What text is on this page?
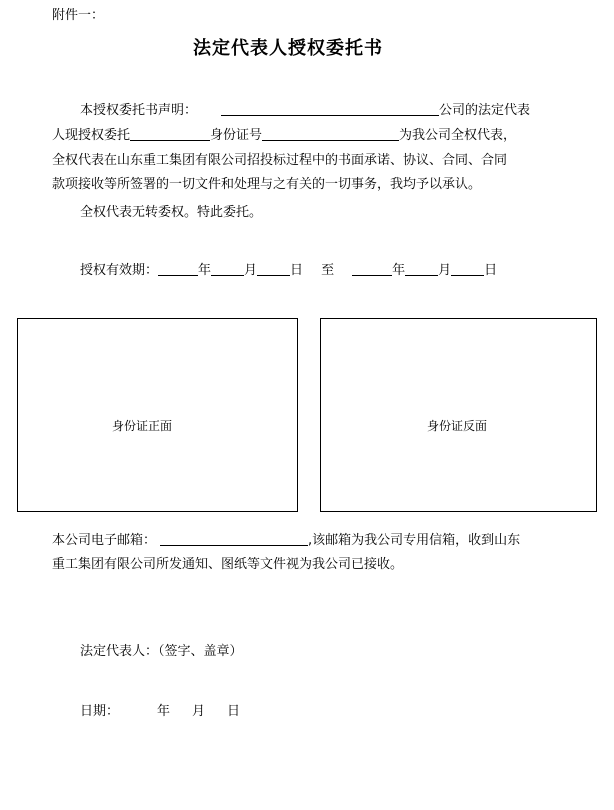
附件一：
法定代表人授权委托书
本授权委托书声明：	公司的法定代表
人现授权委托	身份证号	为我公司全权代表，
全权代表在山东重工集团有限公司招投标过程中的书面承诺、协议、合同、合同
款项接收等所签署的一切文件和处理与之有关的一切事务，我均予以承认。
全权代表无转委权。特此委托。
授权有效期：	年	月	日 至	年	月	日
身份证正面	身份证反面
本公司电子邮箱：	,该邮箱为我公司专用信箱，收到山东
重工集团有限公司所发通知、图纸等文件视为我公司已接收。
法定代表人：（签字、盖章）
日期：	年 月 日
